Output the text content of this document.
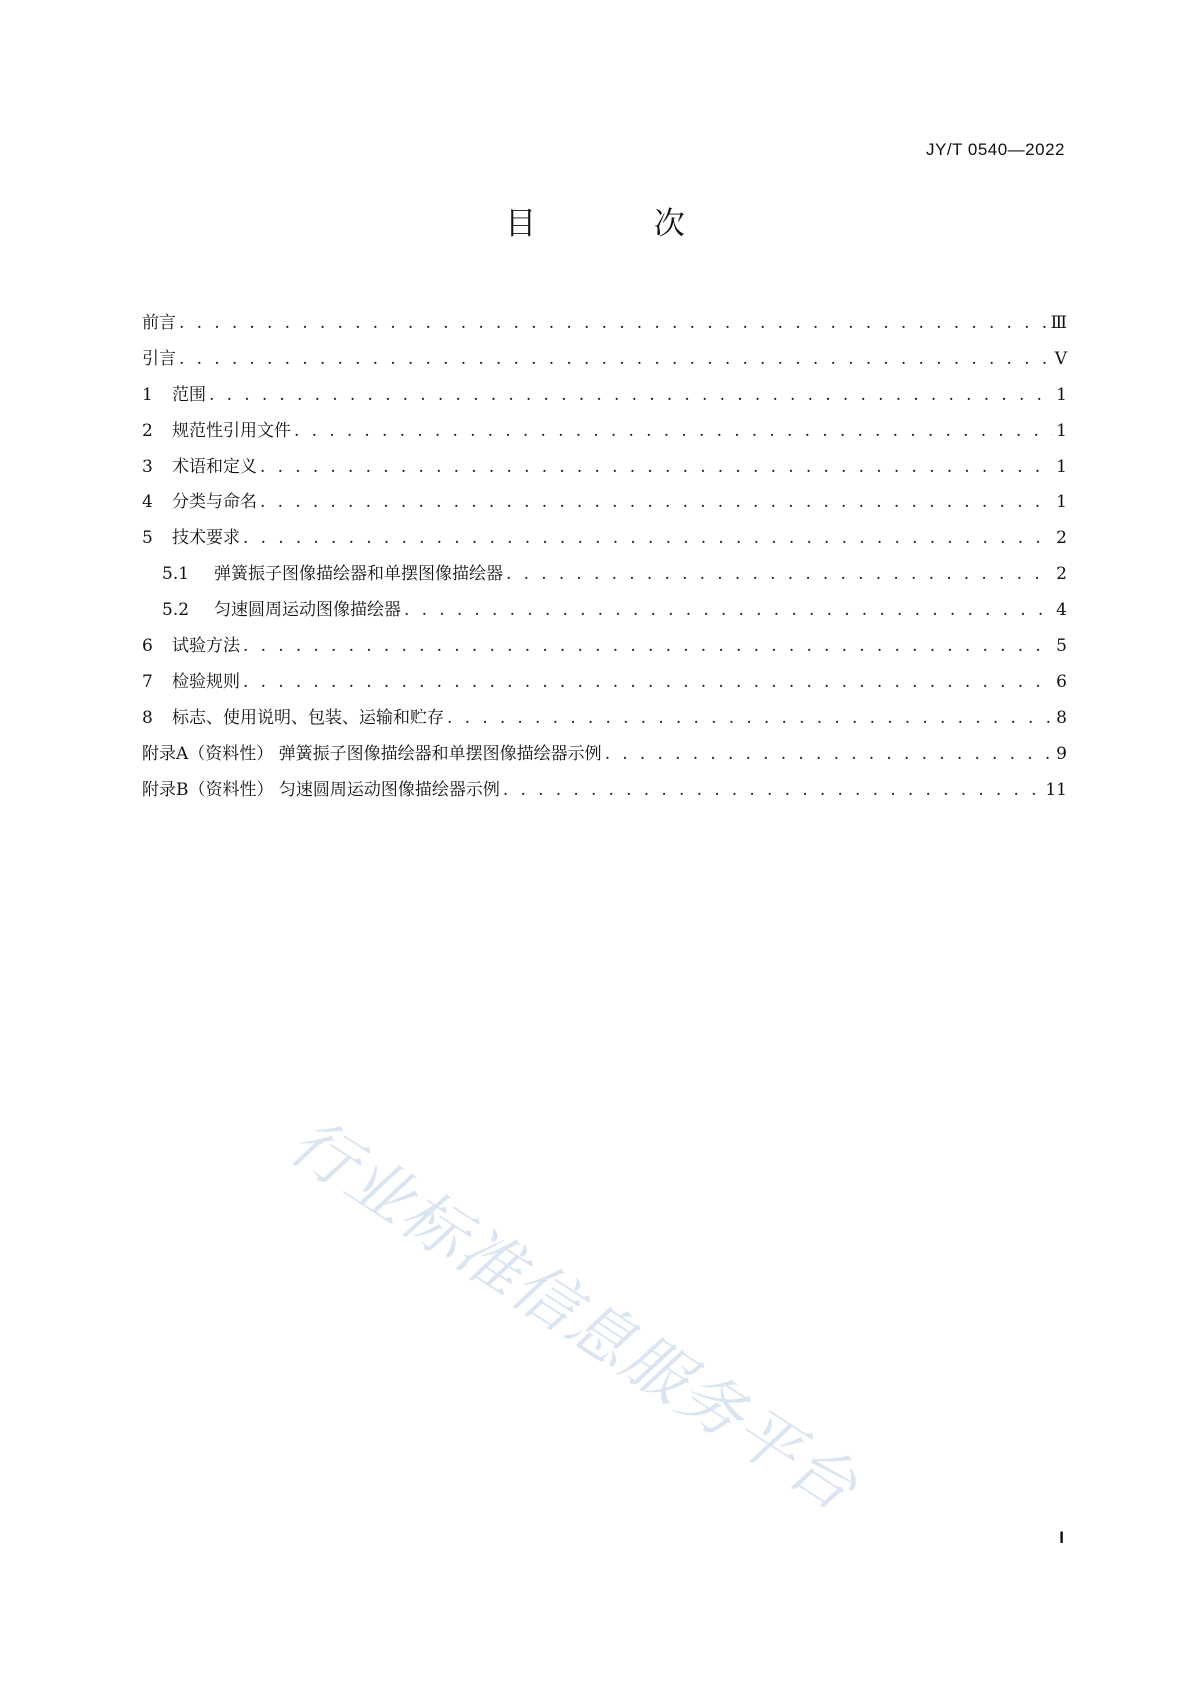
JY/T 0540—2022
目 次
前言 . . .	Ⅲ
引言 . . .	Ⅴ
1	范围 . . .	1
2	规范性引用文件 . . .	1
3	术语和定义 . . .	1
4	分类与命名 . . .	1
5	技术要求 . . .	2
5.1	弹簧振子图像描绘器和单摆图像描绘器 . . .	2
5.2	匀速圆周运动图像描绘器 . . .	4
6	试验方法 . . .	5
7	检验规则 . . .	6
8	标志、使用说明、包装、运输和贮存 . . .	8
附录A（资料性） 弹簧振子图像描绘器和单摆图像描绘器示例 . . .	9
附录B（资料性） 匀速圆周运动图像描绘器示例 . . .	11
行业标准信息服务平台
I
